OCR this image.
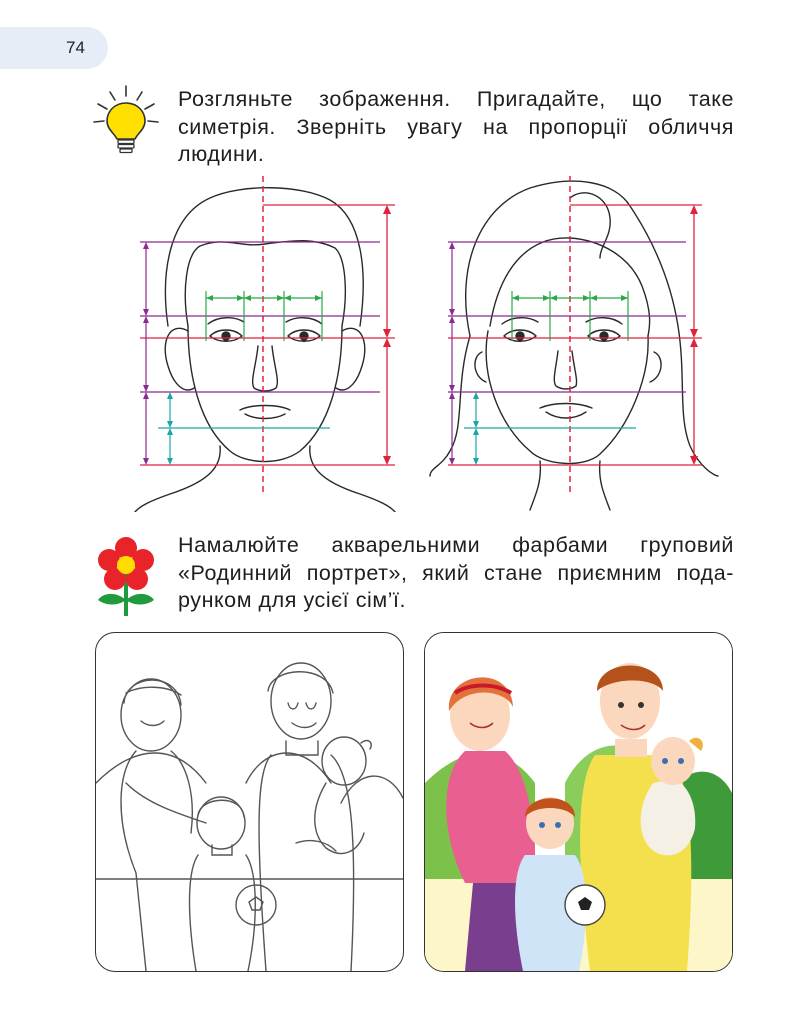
74
Розгляньте зображення. Пригадайте, що таке
симетрія. Зверніть увагу на пропорції обличчя
людини.
Намалюйте акварельними фарбами груповий
«Родинний портрет», який стане приємним пода-
рунком для усієї сім’ї.
